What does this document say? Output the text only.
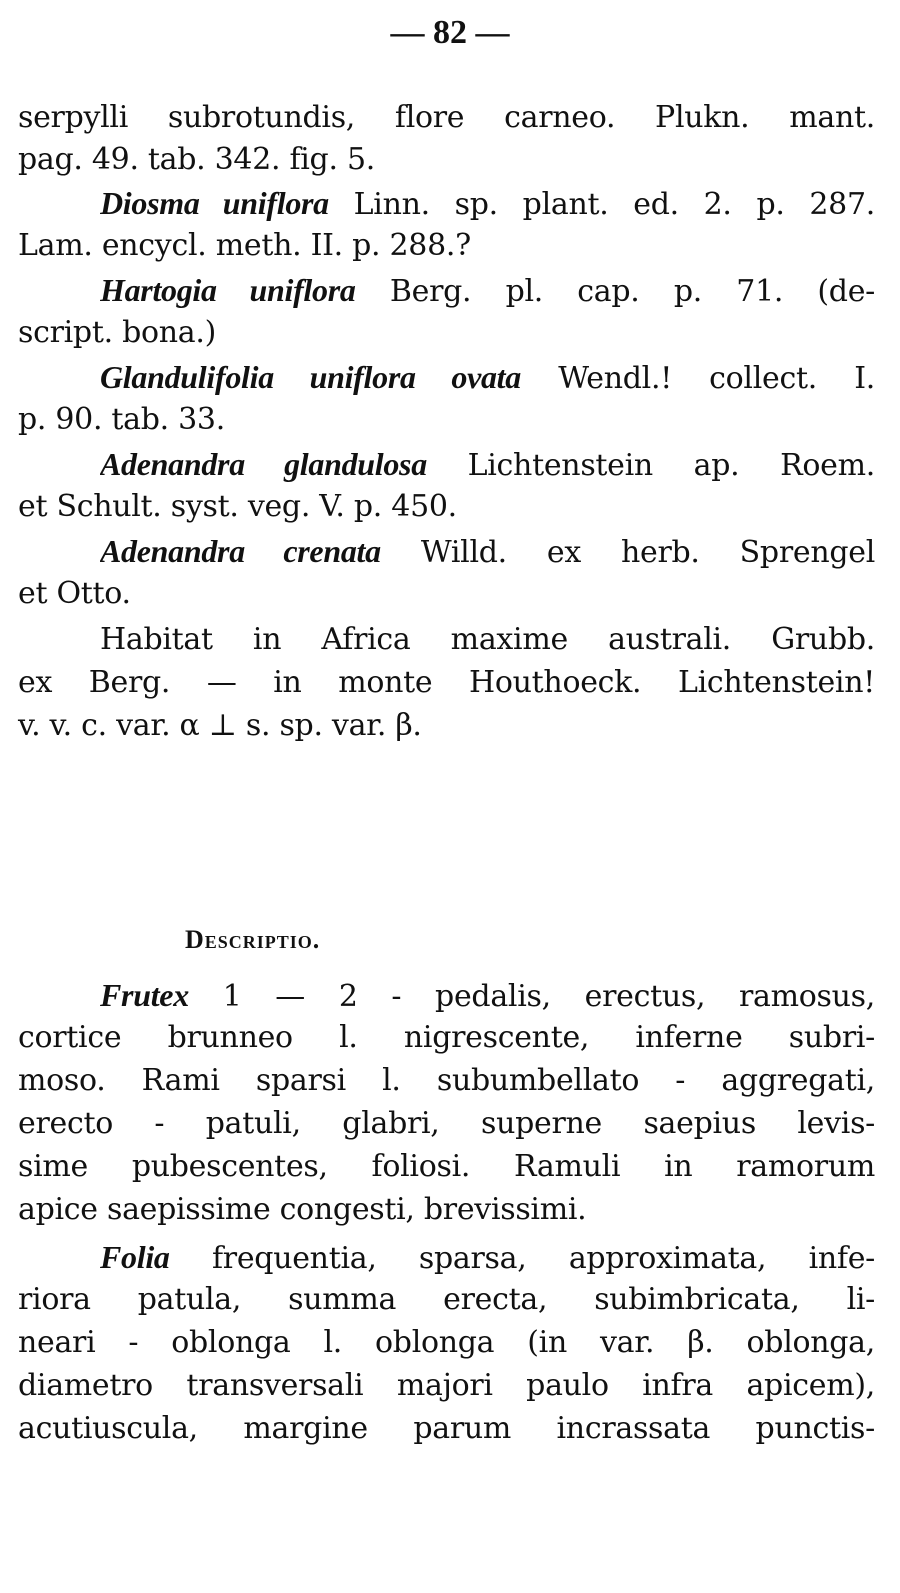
— 82 —
serpylli subrotundis, flore carneo. Plukn. mant.
pag. 49. tab. 342. fig. 5.
Diosma uniflora Linn. sp. plant. ed. 2. p. 287.
Lam. encycl. meth. II. p. 288.?
Hartogia uniflora Berg. pl. cap. p. 71. (de-
script. bona.)
Glandulifolia uniflora ovata Wendl.! collect. I.
p. 90. tab. 33.
Adenandra glandulosa Lichtenstein ap. Roem.
et Schult. syst. veg. V. p. 450.
Adenandra crenata Willd. ex herb. Sprengel
et Otto.
Habitat in Africa maxime australi. Grubb.
ex Berg. — in monte Houthoeck. Lichtenstein!
v. v. c. var. α ⊥ s. sp. var. β.
Frutex 1 — 2 - pedalis, erectus, ramosus,
cortice brunneo l. nigrescente, inferne subri-
moso. Rami sparsi l. subumbellato - aggregati,
erecto - patuli, glabri, superne saepius levis-
sime pubescentes, foliosi. Ramuli in ramorum
apice saepissime congesti, brevissimi.
Folia frequentia, sparsa, approximata, infe-
riora patula, summa erecta, subimbricata, li-
neari - oblonga l. oblonga (in var. β. oblonga,
diametro transversali majori paulo infra apicem),
acutiuscula, margine parum incrassata punctis-
Descriptio.
